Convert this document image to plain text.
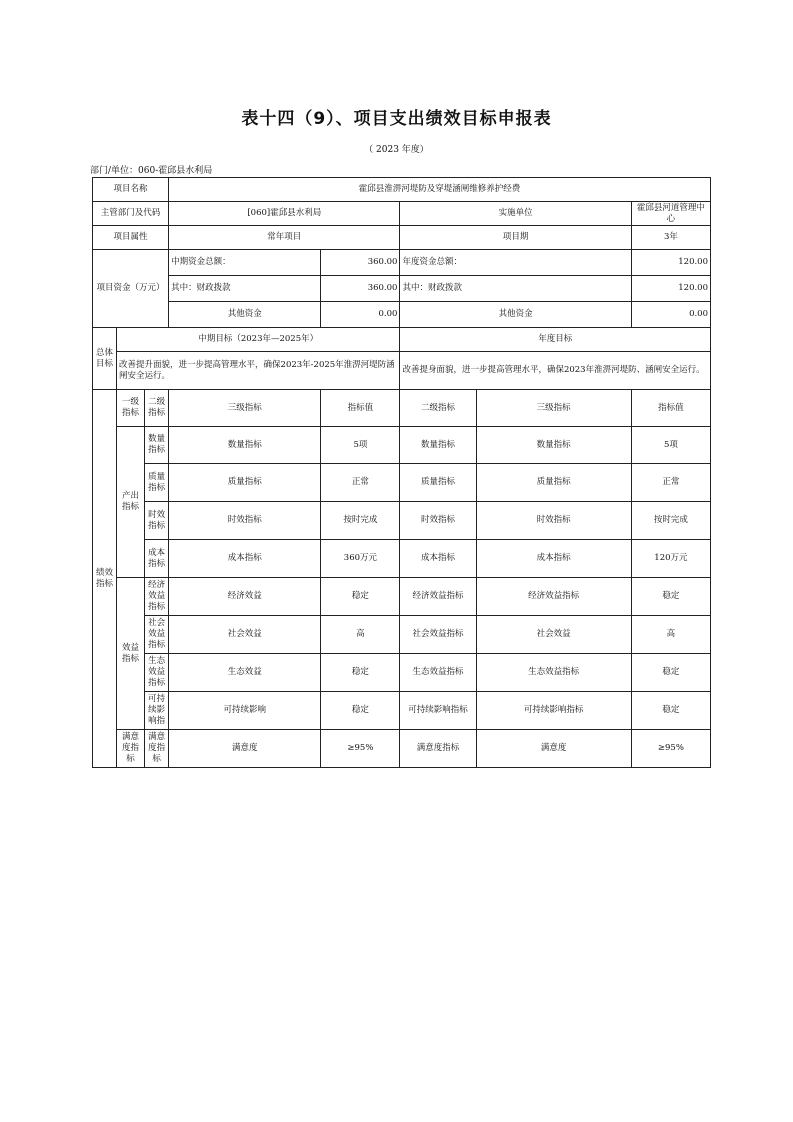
表十四（9）、项目支出绩效目标申报表
（ 2023 年度）
部门/单位：060-霍邱县水利局
项目名称			霍邱县淮淠河堤防及穿堤涵闸维修养护经费				
主管部门及代码			[060]霍邱县水利局		实施单位		霍邱县河道管理中心
项目属性			常年项目		项目期		3年
项目资金（万元）			中期资金总额：	360.00	年度资金总额：		120.00
			其中：财政拨款	360.00	其中：财政拨款		120.00
			其他资金	0.00	其他资金		0.00
总体目标	中期目标（2023年—2025年）				年度目标		
	改善提升面貌，进一步提高管理水平，确保2023年-2025年淮淠河堤防涵闸安全运行。				改善提身面貌，进一步提高管理水平，确保2023年淮淠河堤防、涵闸安全运行。		
绩效指标	一级指标	二级指标	三级指标	指标值	二级指标	三级指标	指标值
	产出指标	数量指标	数量指标	5项	数量指标	数量指标	5项
		质量指标	质量指标	正常	质量指标	质量指标	正常
		时效指标	时效指标	按时完成	时效指标	时效指标	按时完成
		成本指标	成本指标	360万元	成本指标	成本指标	120万元
	效益指标	经济效益指标	经济效益	稳定	经济效益指标	经济效益指标	稳定
		社会效益指标	社会效益	高	社会效益指标	社会效益	高
		生态效益指标	生态效益	稳定	生态效益指标	生态效益指标	稳定
		可持续影响指	可持续影响	稳定	可持续影响指标	可持续影响指标	稳定
	满意度指标	满意度指标	满意度	≥95%	满意度指标	满意度	≥95%
